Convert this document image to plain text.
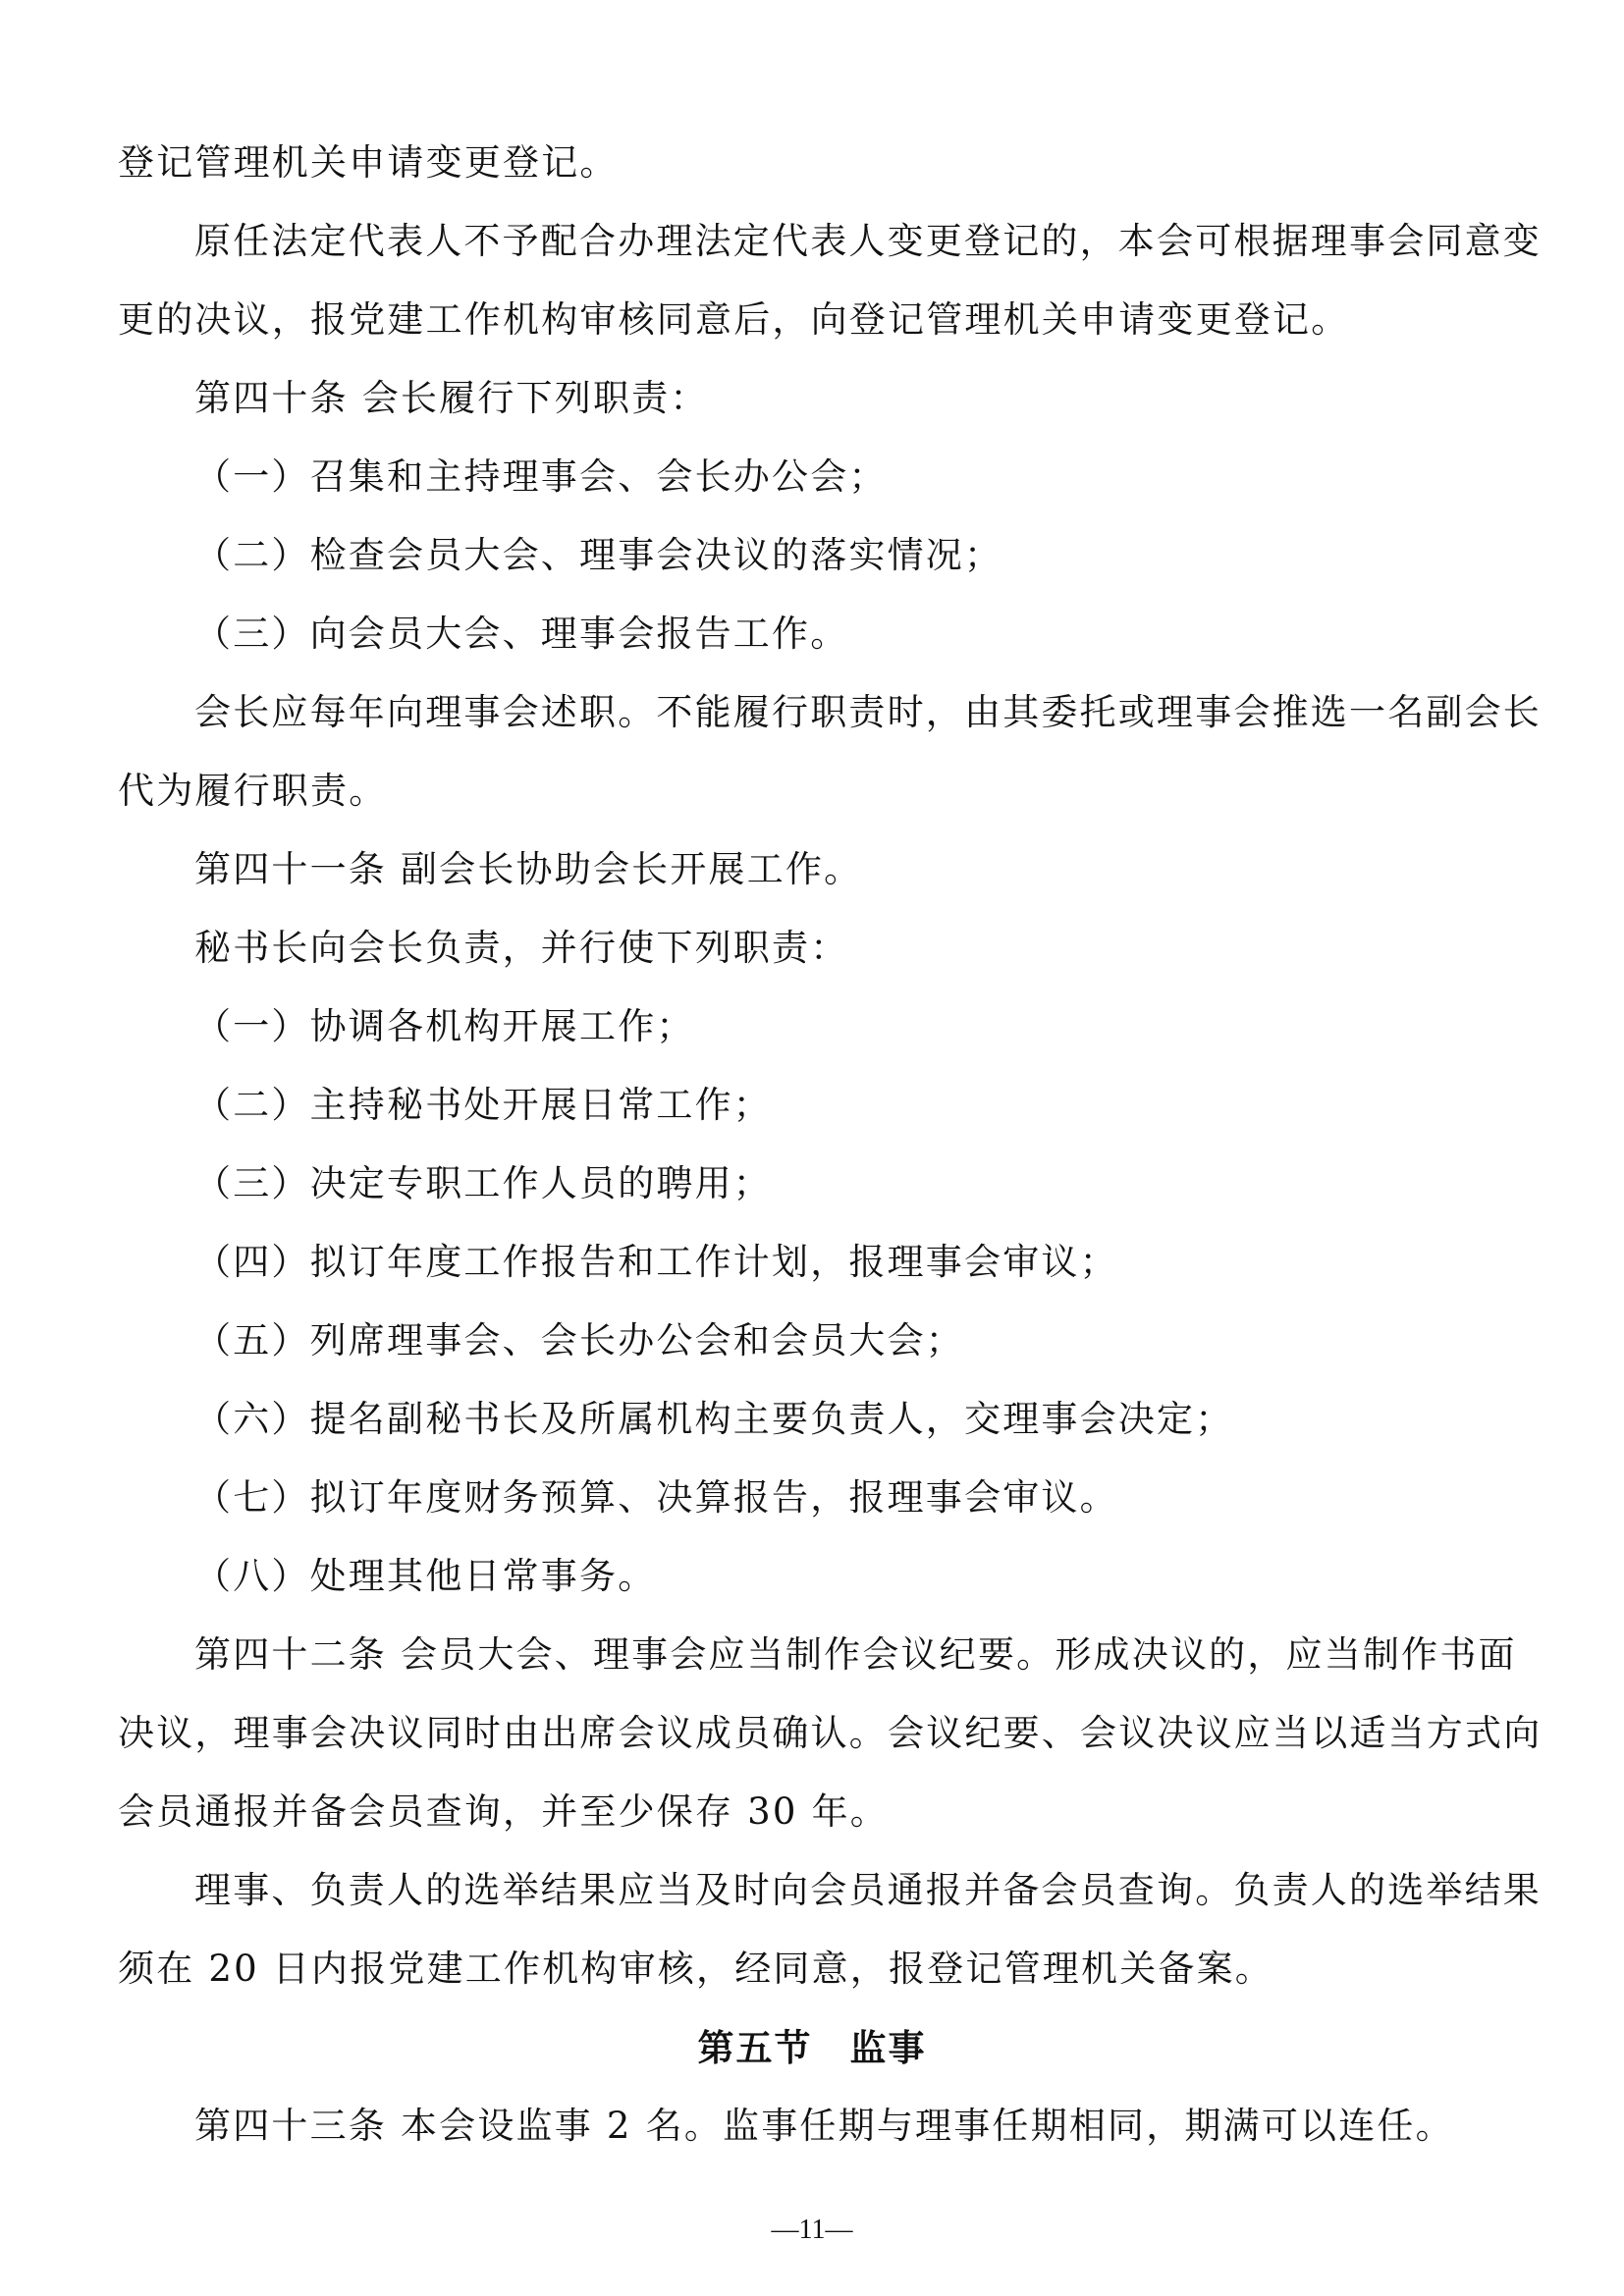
登记管理机关申请变更登记。
原任法定代表人不予配合办理法定代表人变更登记的，本会可根据理事会同意变
更的决议，报党建工作机构审核同意后，向登记管理机关申请变更登记。
第四十条 会长履行下列职责：
（一）召集和主持理事会、会长办公会；
（二）检查会员大会、理事会决议的落实情况；
（三）向会员大会、理事会报告工作。
会长应每年向理事会述职。不能履行职责时，由其委托或理事会推选一名副会长
代为履行职责。
第四十一条 副会长协助会长开展工作。
秘书长向会长负责，并行使下列职责：
（一）协调各机构开展工作；
（二）主持秘书处开展日常工作；
（三）决定专职工作人员的聘用；
（四）拟订年度工作报告和工作计划，报理事会审议；
（五）列席理事会、会长办公会和会员大会；
（六）提名副秘书长及所属机构主要负责人，交理事会决定；
（七）拟订年度财务预算、决算报告，报理事会审议。
（八）处理其他日常事务。
第四十二条 会员大会、理事会应当制作会议纪要。形成决议的，应当制作书面
决议，理事会决议同时由出席会议成员确认。会议纪要、会议决议应当以适当方式向
会员通报并备会员查询，并至少保存 30 年。
理事、负责人的选举结果应当及时向会员通报并备会员查询。负责人的选举结果
须在 20 日内报党建工作机构审核，经同意，报登记管理机关备案。
第五节 监事
第四十三条 本会设监事 2 名。监事任期与理事任期相同，期满可以连任。
—11—
